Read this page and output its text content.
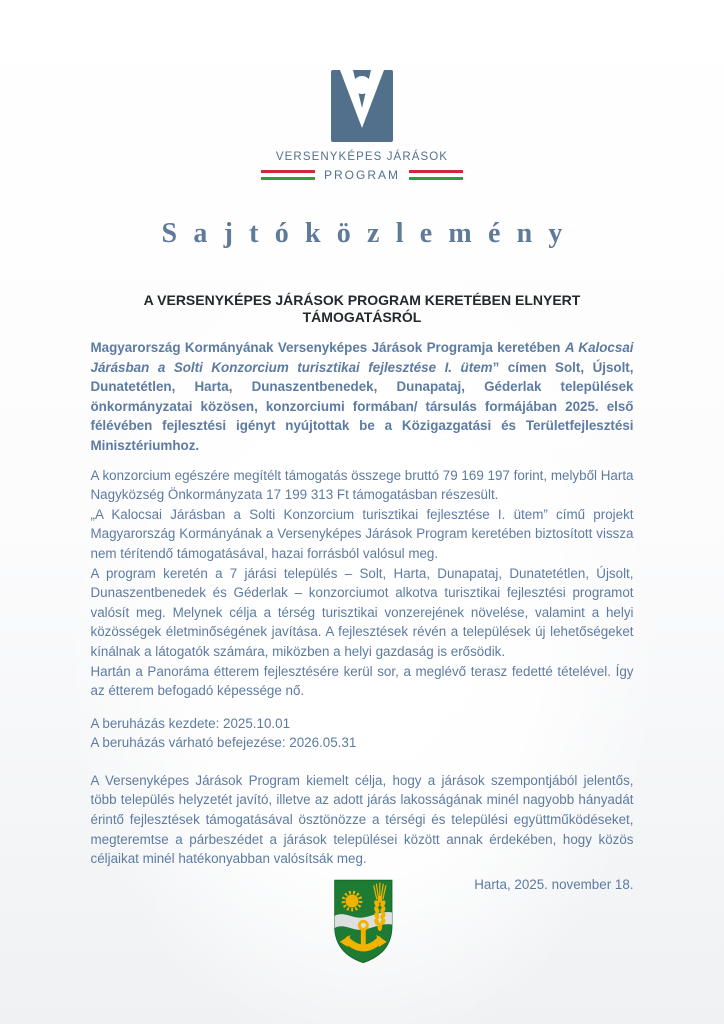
VERSENYKÉPES JÁRÁSOK
PROGRAM
Sajtóközlemény
A VERSENYKÉPES JÁRÁSOK PROGRAM KERETÉBEN ELNYERT TÁMOGATÁSRÓL

Magyarország Kormányának Versenyképes Járások Programja keretében A Kalocsai Járásban a Solti Konzorcium turisztikai fejlesztése I. ütem” címen Solt, Újsolt, Dunatetétlen, Harta, Dunaszentbenedek, Dunapataj, Géderlak települések önkormányzatai közösen, konzorciumi formában/ társulás formájában 2025. első félévében fejlesztési igényt nyújtottak be a Közigazgatási és Területfejlesztési Minisztériumhoz.

A konzorcium egészére megítélt támogatás összege bruttó 79 169 197 forint, melyből Harta Nagyközség Önkormányzata 17 199 313 Ft támogatásban részesült.

„A Kalocsai Járásban a Solti Konzorcium turisztikai fejlesztése I. ütem” című projekt Magyarország Kormányának a Versenyképes Járások Program keretében biztosított vissza nem térítendő támogatásával, hazai forrásból valósul meg.

A program keretén a 7 járási település – Solt, Harta, Dunapataj, Dunatetétlen, Újsolt, Dunaszentbenedek és Géderlak – konzorciumot alkotva turisztikai fejlesztési programot valósít meg. Melynek célja a térség turisztikai vonzerejének növelése, valamint a helyi közösségek életminőségének javítása. A fejlesztések révén a települések új lehetőségeket kínálnak a látogatók számára, miközben a helyi gazdaság is erősödik.

Hartán a Panoráma étterem fejlesztésére kerül sor, a meglévő terasz fedetté tételével. Így az étterem befogadó képessége nő.

A beruházás kezdete: 2025.10.01

A beruházás várható befejezése: 2026.05.31

A Versenyképes Járások Program kiemelt célja, hogy a járások szempontjából jelentős, több település helyzetét javító, illetve az adott járás lakosságának minél nagyobb hányadát érintő fejlesztések támogatásával ösztönözze a térségi és települési együttműködéseket, megteremtse a párbeszédet a járások települései között annak érdekében, hogy közös céljaikat minél hatékonyabban valósítsák meg.

Harta, 2025. november 18.
